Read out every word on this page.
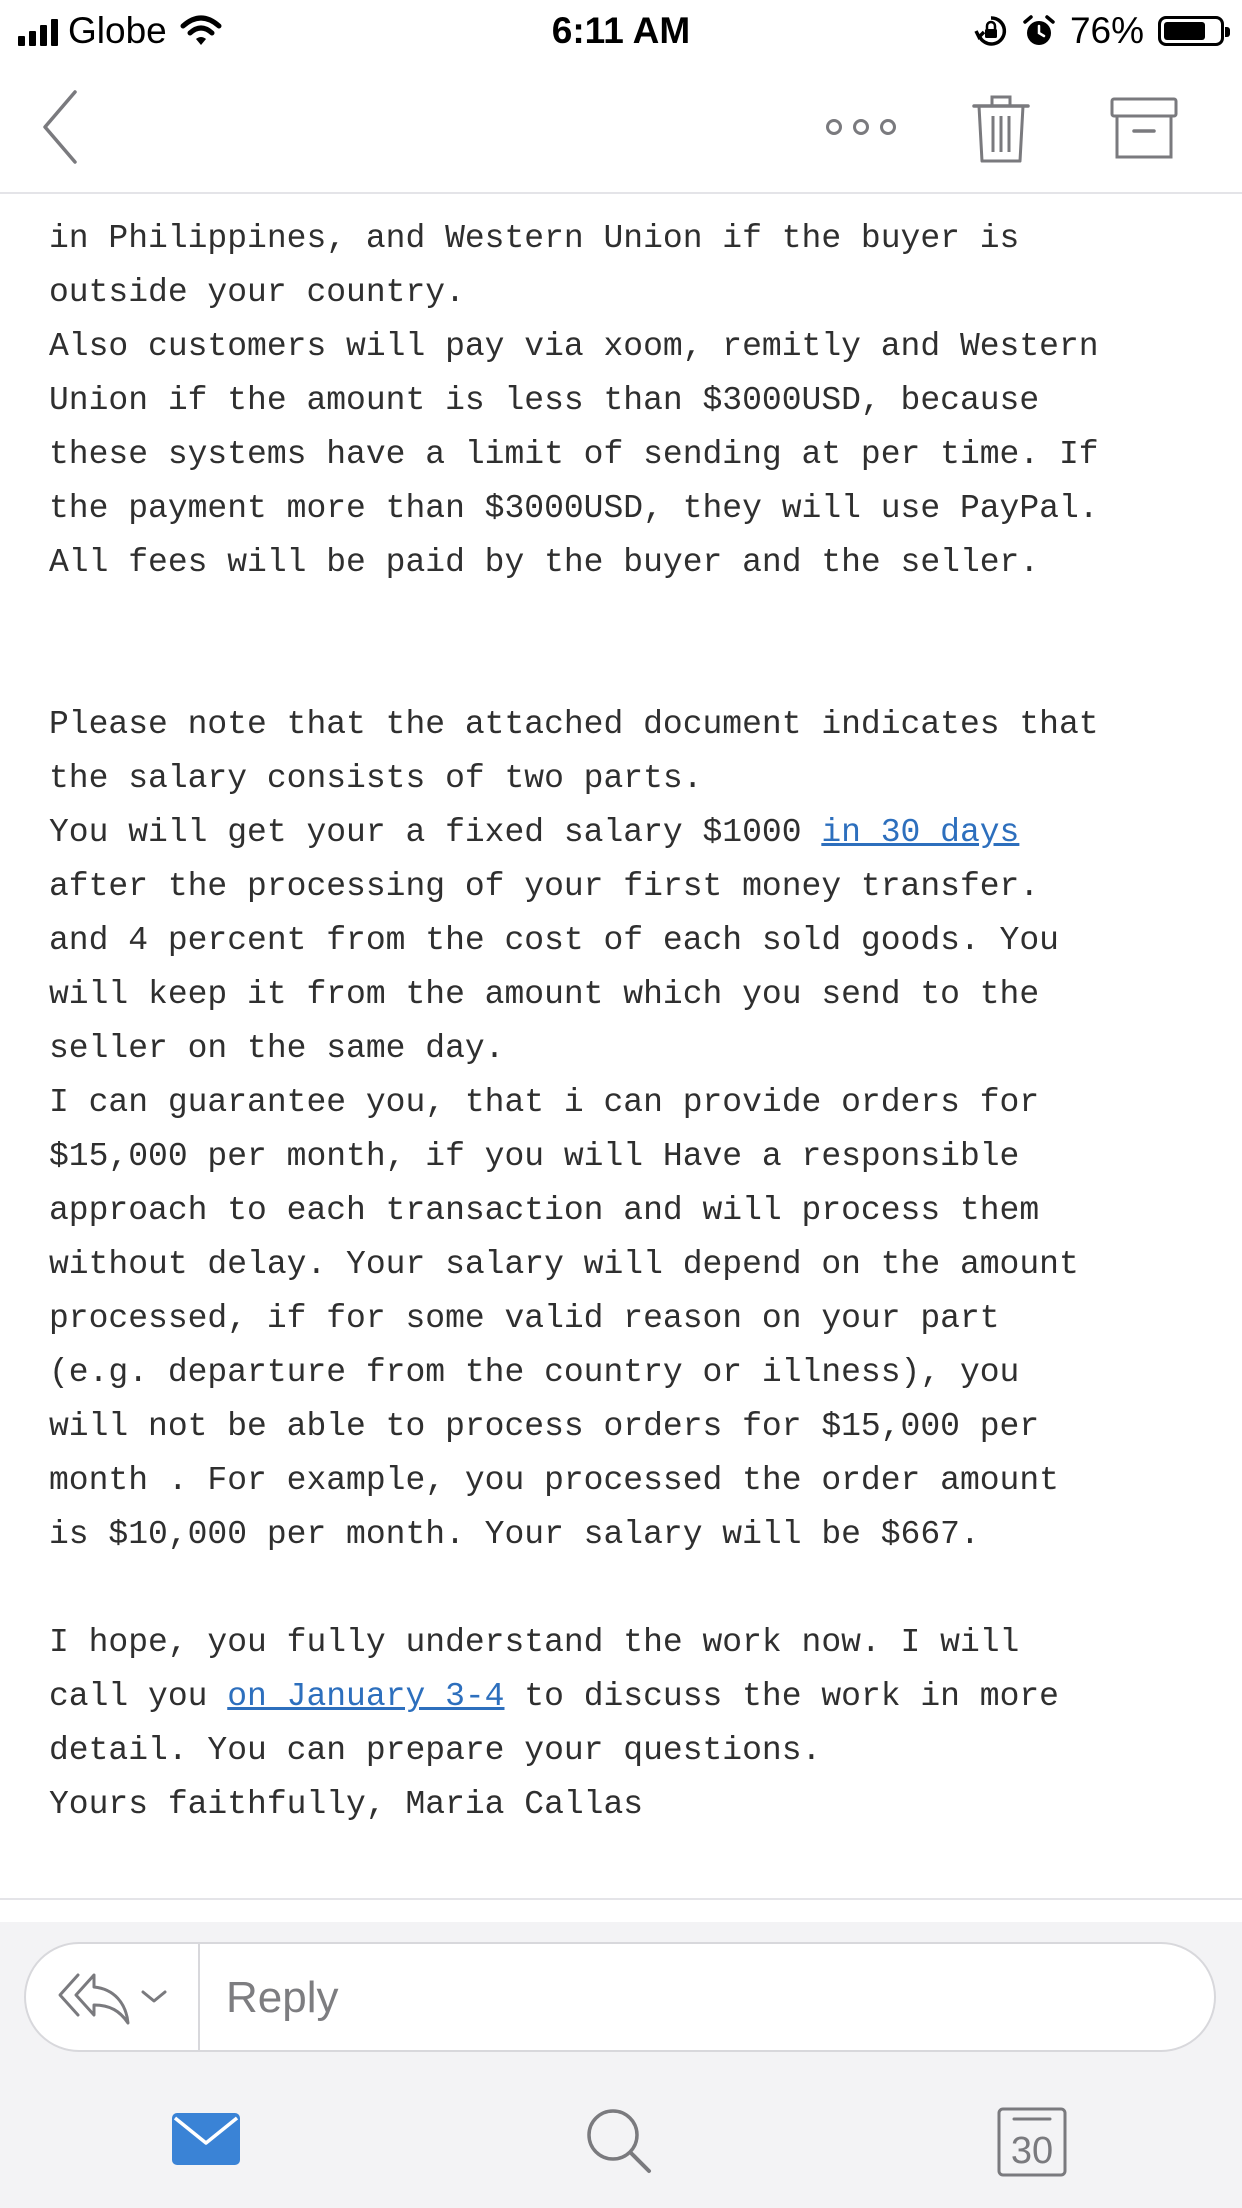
Globe	6:11 AM	76%
in Philippines, and Western Union if the buyer is
outside your country.
Also customers will pay via xoom, remitly and Western
Union if the amount is less than $3000USD, because
these systems have a limit of sending at per time. If
the payment more than $3000USD, they will use PayPal.
All fees will be paid by the buyer and the seller.

Please note that the attached document indicates that
the salary consists of two parts.
You will get your a fixed salary $1000 in 30 days
after the processing of your first money transfer.
and 4 percent from the cost of each sold goods. You
will keep it from the amount which you send to the
seller on the same day.
I can guarantee you, that i can provide orders for
$15,000 per month, if you will Have a responsible
approach to each transaction and will process them
without delay. Your salary will depend on the amount
processed, if for some valid reason on your part
(e.g. departure from the country or illness), you
will not be able to process orders for $15,000 per
month . For example, you processed the order amount
is $10,000 per month. Your salary will be $667.

I hope, you fully understand the work now. I will
call you on January 3-4 to discuss the work in more
detail. You can prepare your questions.
Yours faithfully, Maria Callas
Reply
30
